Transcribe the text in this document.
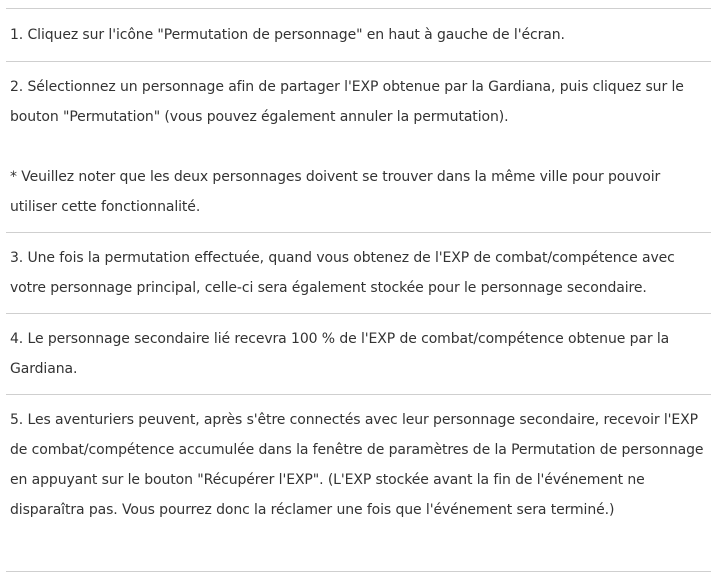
1. Cliquez sur l'icône "Permutation de personnage" en haut à gauche de l'écran.

2. Sélectionnez un personnage afin de partager l'EXP obtenue par la Gardiana, puis cliquez sur le bouton "Permutation" (vous pouvez également annuler la permutation).

* Veuillez noter que les deux personnages doivent se trouver dans la même ville pour pouvoir utiliser cette fonctionnalité.

3. Une fois la permutation effectuée, quand vous obtenez de l'EXP de combat/compétence avec votre personnage principal, celle-ci sera également stockée pour le personnage secondaire.

4. Le personnage secondaire lié recevra 100 % de l'EXP de combat/compétence obtenue par la Gardiana.

5. Les aventuriers peuvent, après s'être connectés avec leur personnage secondaire, recevoir l'EXP de combat/compétence accumulée dans la fenêtre de paramètres de la Permutation de personnage en appuyant sur le bouton "Récupérer l'EXP". (L'EXP stockée avant la fin de l'événement ne disparaîtra pas. Vous pourrez donc la réclamer une fois que l'événement sera terminé.)
